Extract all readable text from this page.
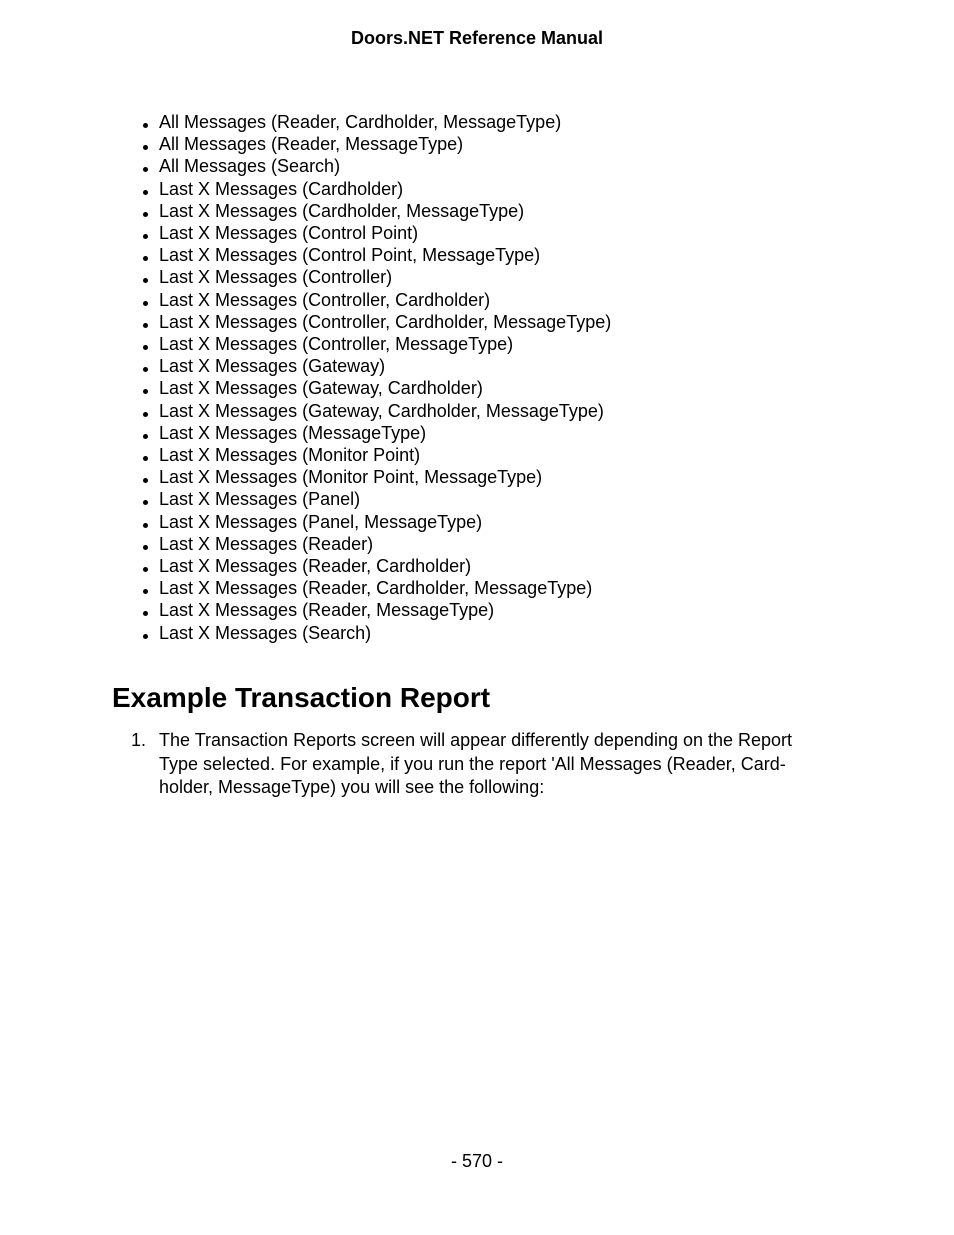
Doors.NET Reference Manual
All Messages (Reader, Cardholder, MessageType)
All Messages (Reader, MessageType)
All Messages (Search)
Last X Messages (Cardholder)
Last X Messages (Cardholder, MessageType)
Last X Messages (Control Point)
Last X Messages (Control Point, MessageType)
Last X Messages (Controller)
Last X Messages (Controller, Cardholder)
Last X Messages (Controller, Cardholder, MessageType)
Last X Messages (Controller, MessageType)
Last X Messages (Gateway)
Last X Messages (Gateway, Cardholder)
Last X Messages (Gateway, Cardholder, MessageType)
Last X Messages (MessageType)
Last X Messages (Monitor Point)
Last X Messages (Monitor Point, MessageType)
Last X Messages (Panel)
Last X Messages (Panel, MessageType)
Last X Messages (Reader)
Last X Messages (Reader, Cardholder)
Last X Messages (Reader, Cardholder, MessageType)
Last X Messages (Reader, MessageType)
Last X Messages (Search)
Example Transaction Report
1. The Transaction Reports screen will appear differently depending on the Report Type selected. For example, if you run the report 'All Messages (Reader, Card-holder, MessageType) you will see the following:
- 570 -
